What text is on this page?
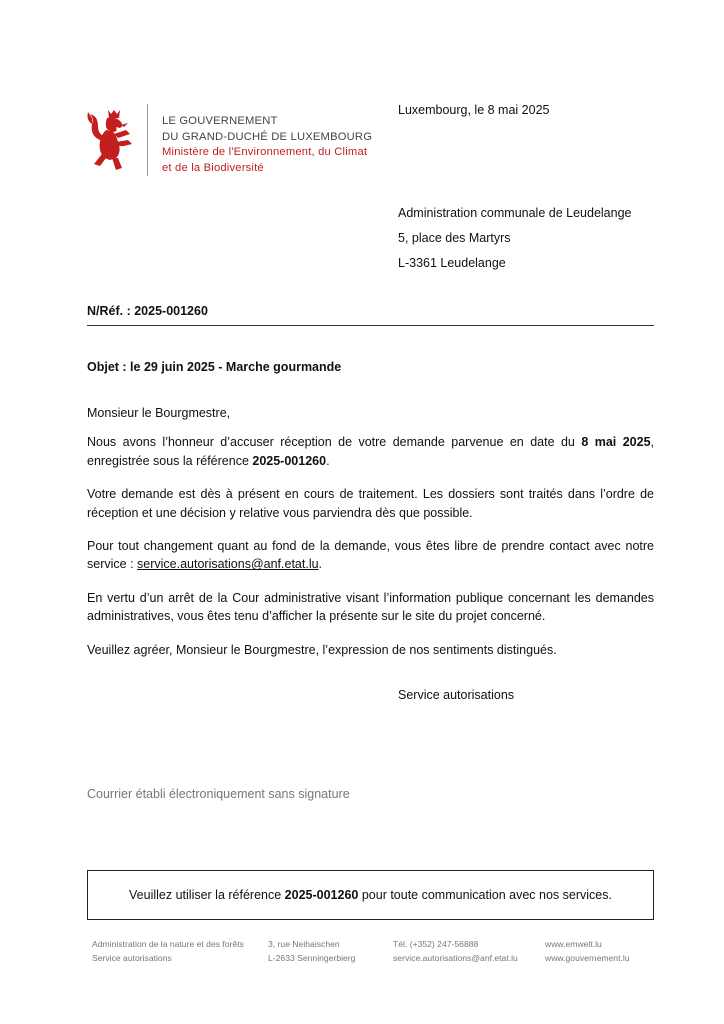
LE GOUVERNEMENT
DU GRAND-DUCHÉ DE LUXEMBOURG
Ministère de l'Environnement, du Climat
et de la Biodiversité
Luxembourg, le 8 mai 2025
Administration communale de Leudelange
5, place des Martyrs
L-3361 Leudelange
N/Réf. : 2025-001260
Objet : le 29 juin 2025 - Marche gourmande

Monsieur le Bourgmestre,

Nous avons l’honneur d’accuser réception de votre demande parvenue en date du 8 mai 2025, enregistrée sous la référence 2025-001260.

Votre demande est dès à présent en cours de traitement. Les dossiers sont traités dans l’ordre de réception et une décision y relative vous parviendra dès que possible.

Pour tout changement quant au fond de la demande, vous êtes libre de prendre contact avec notre service : service.autorisations@anf.etat.lu.

En vertu d’un arrêt de la Cour administrative visant l’information publique concernant les demandes administratives, vous êtes tenu d’afficher la présente sur le site du projet concerné.

Veuillez agréer, Monsieur le Bourgmestre, l’expression de nos sentiments distingués.

Service autorisations
Courrier établi électroniquement sans signature
Veuillez utiliser la référence 2025-001260 pour toute communication avec nos services.
Administration de la nature et des forêts
Service autorisations
3, rue Neihaischen
L-2633 Senningerbierg
Tél. (+352) 247-56888
service.autorisations@anf.etat.lu
www.emwelt.lu
www.gouvernement.lu
